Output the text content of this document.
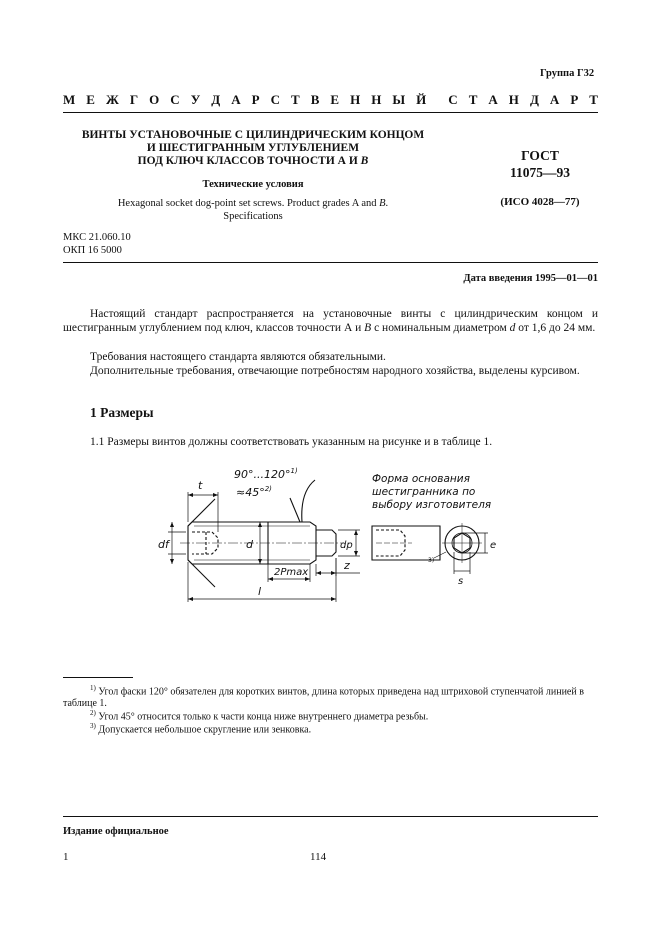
Группа Г32
М Е Ж Г О С У Д А Р С Т В Е Н Н Ы Й С Т А Н Д А Р Т
ВИНТЫ УСТАНОВОЧНЫЕ С ЦИЛИНДРИЧЕСКИМ КОНЦОМ
И ШЕСТИГРАННЫМ УГЛУБЛЕНИЕМ
ПОД КЛЮЧ КЛАССОВ ТОЧНОСТИ А И В
Технические условия
Hexagonal socket dog-point set screws. Product grades A and B.
Specifications
ГОСТ
11075—93
(ИСО 4028—77)
МКС 21.060.10
ОКП 16 5000
Дата введения 1995—01—01
Настоящий стандарт распространяется на установочные винты с цилиндрическим концом и шестигранным углублением под ключ, классов точности А и В с номинальным диаметром d от 1,6 до 24 мм.
Требования настоящего стандарта являются обязательными.
Дополнительные требования, отвечающие потребностям народного хозяйства, выделены курсивом.
1 Размеры
1.1 Размеры винтов должны соответствовать указанным на рисунке и в таблице 1.
t
90°...120°$^{1)}$
≈45°$^{2)}$
df	d	dp
z
2Pmax
l
s
e
3)
Форма основания
шестигранника по
выбору изготовителя
$^{1)}$ Угол фаски 120° обязателен для коротких винтов, длина которых приведена над штриховой ступенчатой линией в таблице 1.
$^{2)}$ Угол 45° относится только к части конца ниже внутреннего диаметра резьбы.
$^{3)}$ Допускается небольшое скругление или зенковка.
Издание официальное
1	114
